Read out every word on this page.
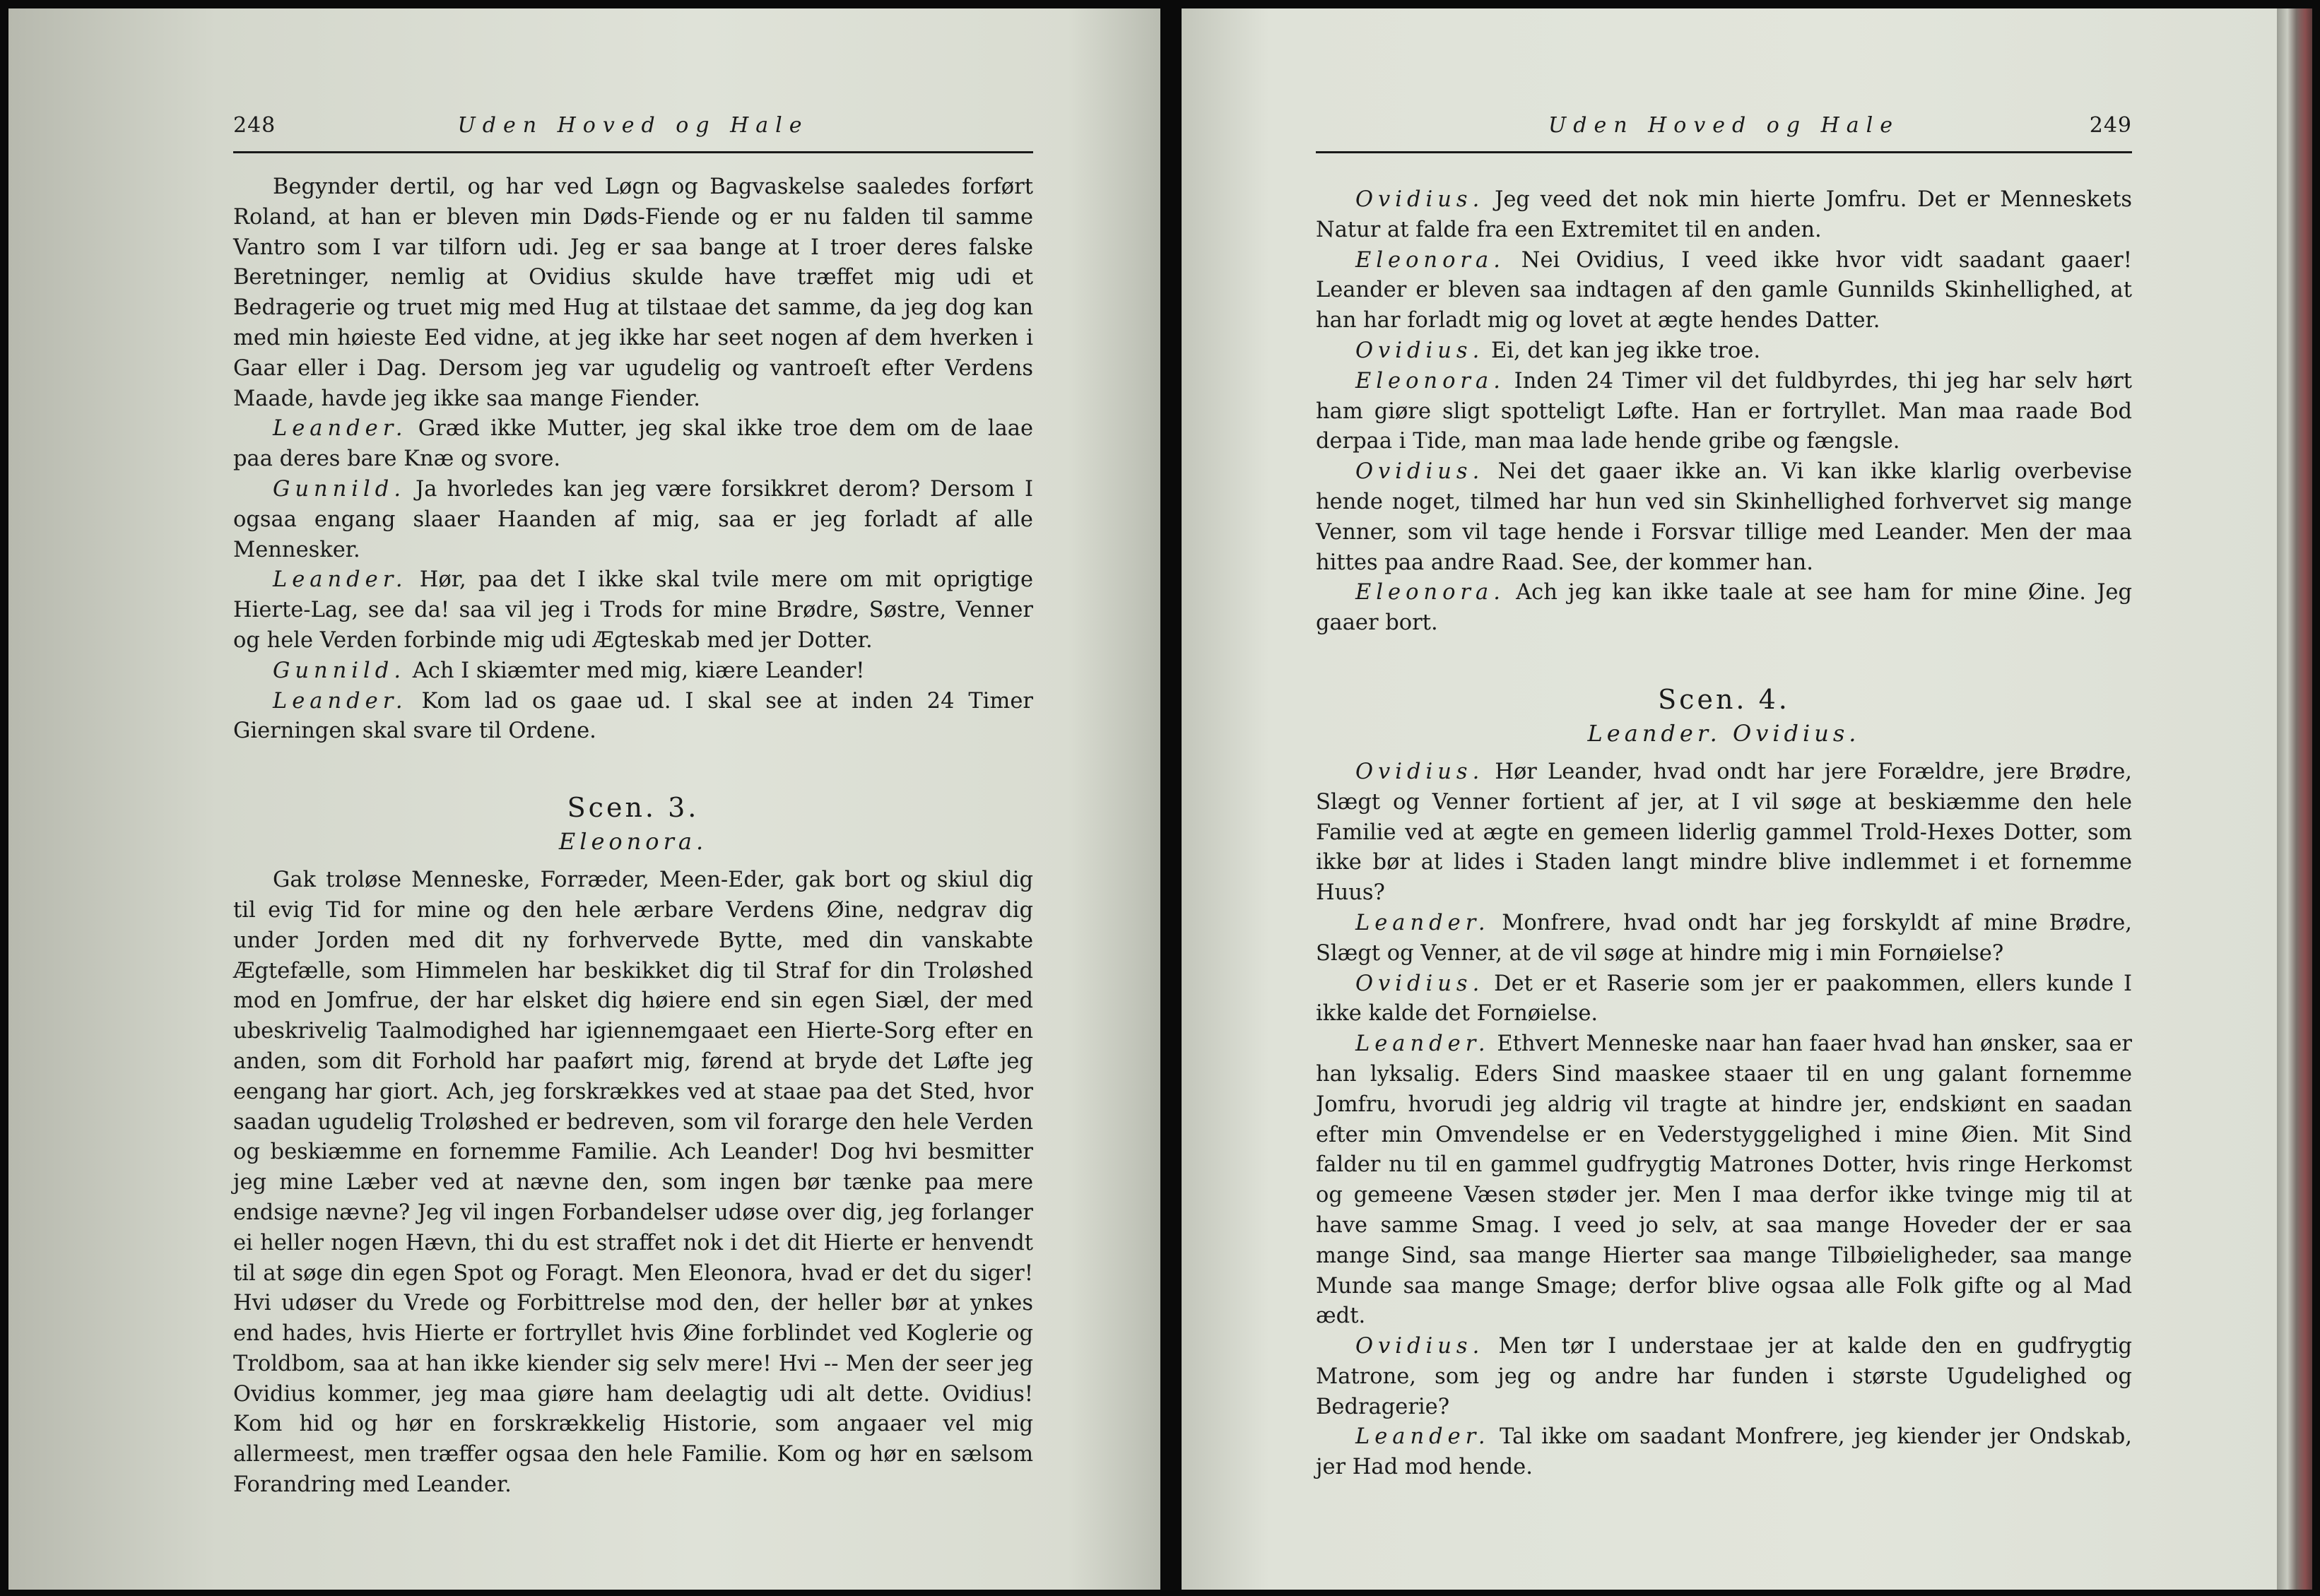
248	Uden Hoved og Hale

Begynder dertil, og har ved Løgn og Bagvaskelse saaledes forført Roland, at han er bleven min Døds-Fiende og er nu falden til samme Vantro som I var tilforn udi. Jeg er saa bange at I troer deres falske Beretninger, nemlig at Ovidius skulde have træffet mig udi et Bedragerie og truet mig med Hug at tilstaae det samme, da jeg dog kan med min høieste Eed vidne, at jeg ikke har seet nogen af dem hverken i Gaar eller i Dag. Dersom jeg var ugudelig og vantroeſt efter Verdens Maade, havde jeg ikke saa mange Fiender.

Leander. Græd ikke Mutter, jeg skal ikke troe dem om de laae paa deres bare Knæ og svore.

Gunnild. Ja hvorledes kan jeg være forsikkret derom? Dersom I ogsaa engang slaaer Haanden af mig, saa er jeg forladt af alle Mennesker.

Leander. Hør, paa det I ikke skal tvile mere om mit oprigtige Hierte-Lag, see da! saa vil jeg i Trods for mine Brødre, Søstre, Venner og hele Verden forbinde mig udi Ægteskab med jer Dotter.

Gunnild. Ach I skiæmter med mig, kiære Leander!

Leander. Kom lad os gaae ud. I skal see at inden 24 Timer Gierningen skal svare til Ordene.

Scen. 3.

Eleonora.

Gak troløse Menneske, Forræder, Meen-Eder, gak bort og skiul dig til evig Tid for mine og den hele ærbare Verdens Øine, nedgrav dig under Jorden med dit ny forhvervede Bytte, med din vanskabte Ægtefælle, som Himmelen har beskikket dig til Straf for din Troløshed mod en Jomfrue, der har elsket dig høiere end sin egen Siæl, der med ubeskrivelig Taalmodighed har igiennemgaaet een Hierte-Sorg efter en anden, som dit Forhold har paaført mig, førend at bryde det Løfte jeg eengang har giort. Ach, jeg forskrækkes ved at staae paa det Sted, hvor saadan ugudelig Troløshed er bedreven, som vil forarge den hele Verden og beskiæmme en fornemme Familie. Ach Leander! Dog hvi besmitter jeg mine Læber ved at nævne den, som ingen bør tænke paa mere endsige nævne? Jeg vil ingen Forbandelser udøse over dig, jeg forlanger ei heller nogen Hævn, thi du est straffet nok i det dit Hierte er henvendt til at søge din egen Spot og Foragt. Men Eleonora, hvad er det du siger! Hvi udøser du Vrede og Forbittrelse mod den, der heller bør at ynkes end hades, hvis Hierte er fortryllet hvis Øine forblindet ved Koglerie og Troldbom, saa at han ikke kiender sig selv mere! Hvi -- Men der seer jeg Ovidius kommer, jeg maa giøre ham deelagtig udi alt dette. Ovidius! Kom hid og hør en forskrækkelig Historie, som angaaer vel mig allermeest, men træffer ogsaa den hele Familie. Kom og hør en sælsom Forandring med Leander.

Uden Hoved og Hale	249

Ovidius. Jeg veed det nok min hierte Jomfru. Det er Menneskets Natur at falde fra een Extremitet til en anden.

Eleonora. Nei Ovidius, I veed ikke hvor vidt saadant gaaer! Leander er bleven saa indtagen af den gamle Gunnilds Skinhellighed, at han har forladt mig og lovet at ægte hendes Datter.

Ovidius. Ei, det kan jeg ikke troe.

Eleonora. Inden 24 Timer vil det fuldbyrdes, thi jeg har selv hørt ham giøre sligt spotteligt Løfte. Han er fortryllet. Man maa raade Bod derpaa i Tide, man maa lade hende gribe og fængsle.

Ovidius. Nei det gaaer ikke an. Vi kan ikke klarlig overbevise hende noget, tilmed har hun ved sin Skinhellighed forhvervet sig mange Venner, som vil tage hende i Forsvar tillige med Leander. Men der maa hittes paa andre Raad. See, der kommer han.

Eleonora. Ach jeg kan ikke taale at see ham for mine Øine. Jeg gaaer bort.

Scen. 4.

Leander. Ovidius.

Ovidius. Hør Leander, hvad ondt har jere Forældre, jere Brødre, Slægt og Venner fortient af jer, at I vil søge at beskiæmme den hele Familie ved at ægte en gemeen liderlig gammel Trold-Hexes Dotter, som ikke bør at lides i Staden langt mindre blive indlemmet i et fornemme Huus?

Leander. Monfrere, hvad ondt har jeg forskyldt af mine Brødre, Slægt og Venner, at de vil søge at hindre mig i min Fornøielse?

Ovidius. Det er et Raserie som jer er paakommen, ellers kunde I ikke kalde det Fornøielse.

Leander. Ethvert Menneske naar han faaer hvad han ønsker, saa er han lyksalig. Eders Sind maaskee staaer til en ung galant fornemme Jomfru, hvorudi jeg aldrig vil tragte at hindre jer, endskiønt en saadan efter min Omvendelse er en Vederstyggelighed i mine Øien. Mit Sind falder nu til en gammel gudfrygtig Matrones Dotter, hvis ringe Herkomst og gemeene Væsen støder jer. Men I maa derfor ikke tvinge mig til at have samme Smag. I veed jo selv, at saa mange Hoveder der er saa mange Sind, saa mange Hierter saa mange Tilbøieligheder, saa mange Munde saa mange Smage; derfor blive ogsaa alle Folk gifte og al Mad ædt.

Ovidius. Men tør I understaae jer at kalde den en gudfrygtig Matrone, som jeg og andre har funden i største Ugudelighed og Bedragerie?

Leander. Tal ikke om saadant Monfrere, jeg kiender jer Ondskab, jer Had mod hende.
